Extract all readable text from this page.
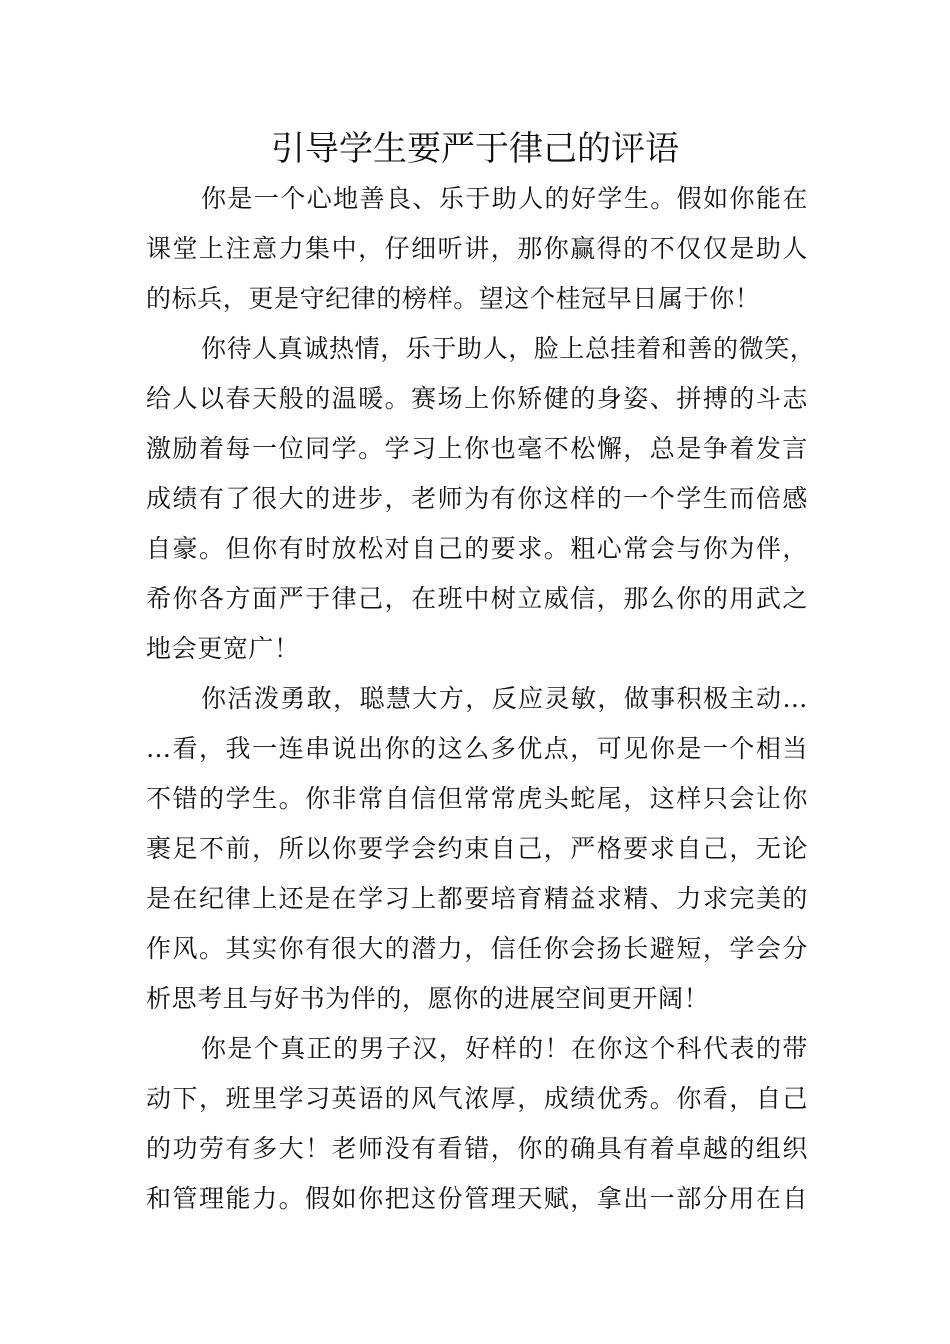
引导学生要严于律己的评语
你是一个心地善良、乐于助人的好学生。假如你能在
课堂上注意力集中，仔细听讲，那你赢得的不仅仅是助人
的标兵，更是守纪律的榜样。望这个桂冠早日属于你！
你待人真诚热情，乐于助人，脸上总挂着和善的微笑，
给人以春天般的温暖。赛场上你矫健的身姿、拼搏的斗志
激励着每一位同学。学习上你也毫不松懈，总是争着发言
成绩有了很大的进步，老师为有你这样的一个学生而倍感
自豪。但你有时放松对自己的要求。粗心常会与你为伴，
希你各方面严于律己，在班中树立威信，那么你的用武之
地会更宽广！
你活泼勇敢，聪慧大方，反应灵敏，做事积极主动…
…看，我一连串说出你的这么多优点，可见你是一个相当
不错的学生。你非常自信但常常虎头蛇尾，这样只会让你
裹足不前，所以你要学会约束自己，严格要求自己，无论
是在纪律上还是在学习上都要培育精益求精、力求完美的
作风。其实你有很大的潜力，信任你会扬长避短，学会分
析思考且与好书为伴的，愿你的进展空间更开阔！
你是个真正的男子汉，好样的！在你这个科代表的带
动下，班里学习英语的风气浓厚，成绩优秀。你看，自己
的功劳有多大！老师没有看错，你的确具有着卓越的组织
和管理能力。假如你把这份管理天赋，拿出一部分用在自
